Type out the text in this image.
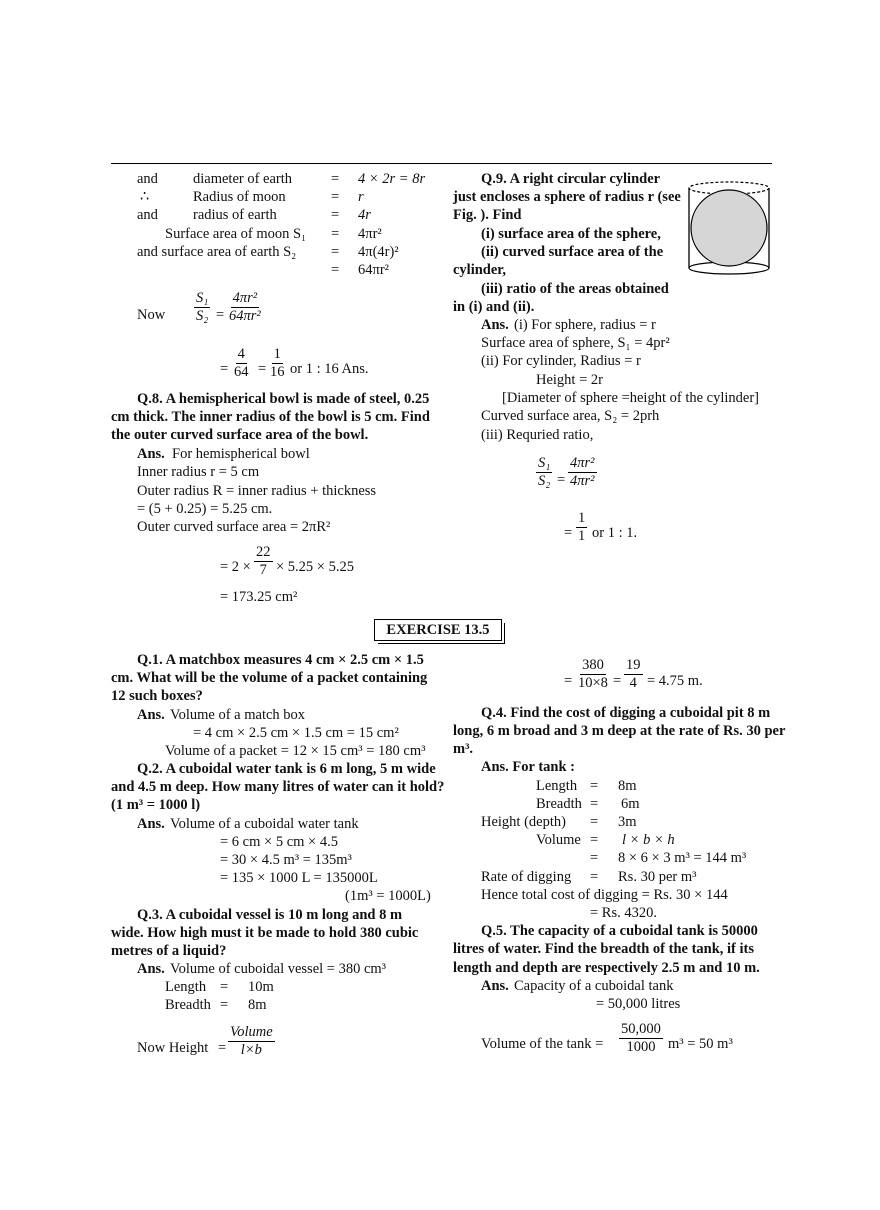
and diameter of earth	= 4 × 2r = 8r
∴	Radius of moon	= r
and radius of earth	= 4r
Surface area of moon S₁ = 4πr²
and surface area of earth S₂ = 4π(4r)²
= 64πr²
Now $\frac{\text{S₁}}{\text{S₂}} = \frac{\text{4πr²}}{\text{64πr²}}$
= $\frac{4}{64} = \frac{1}{16}$ or 1 : 16 Ans.
Q.8. A hemispherical bowl is made of steel, 0.25
cm thick. The inner radius of the bowl is 5 cm. Find
the outer curved surface area of the bowl.
Ans. For hemispherical bowl
Inner radius r = 5 cm
Outer radius R = inner radius + thickness
= (5 + 0.25) = 5.25 cm.
Outer curved surface area = 2πR²
= $2 \times \frac{22}{7} \times 5.25 \times 5.25$
= 173.25 cm²
Q.9. A right circular cylinder
just encloses a sphere of radius r (see
Fig. ). Find
(i) surface area of the sphere,
(ii) curved surface area of the
cylinder,
(iii) ratio of the areas obtained
in (i) and (ii).
Ans. (i) For sphere, radius = r
Surface area of sphere, S₁ = 4pr²
(ii) For cylinder, Radius = r
Height = 2r
[Diameter of sphere =height of the cylinder]
Curved surface area, S₂ = 2prh
(iii) Requried ratio,
$\frac{\text{S₁}}{\text{S₂}} = \frac{\text{4πr²}}{\text{4πr²}}$
= $\frac{1}{1}$ or 1 : 1.
EXERCISE 13.5
Q.1. A matchbox measures 4 cm × 2.5 cm × 1.5
cm. What will be the volume of a packet containing
12 such boxes?
Ans. Volume of a match box
= 4 cm × 2.5 cm × 1.5 cm = 15 cm²
Volume of a packet = 12 × 15 cm³ = 180 cm³
Q.2. A cuboidal water tank is 6 m long, 5 m wide
and 4.5 m deep. How many litres of water can it hold?
(1 m³ = 1000 l)
Ans. Volume of a cuboidal water tank
= 6 cm × 5 cm × 4.5
= 30 × 4.5 m³ = 135m³
= 135 × 1000 L = 135000L
(1m³ = 1000L)
Q.3. A cuboidal vessel is 10 m long and 8 m
wide. How high must it be made to hold 380 cubic
metres of a liquid?
Ans. Volume of cuboidal vessel = 380 cm³
Length = 10m
Breadth = 8m
Now Height =
Volume
l×b
= $\frac{380}{10\times 8} = \frac{19}{4} = 4.75$ m.
Q.4. Find the cost of digging a cuboidal pit 8 m
long, 6 m broad and 3 m deep at the rate of Rs. 30 per
m³.
Ans. For tank :
Length = 8m
Breadth = 6m
Height (depth) = 3m
Volume = l × b × h
= 8 × 6 × 3 m³ = 144 m³
Rate of digging = Rs. 30 per m³
Hence total cost of digging = Rs. 30 × 144
= Rs. 4320.
Q.5. The capacity of a cuboidal tank is 50000
litres of water. Find the breadth of the tank, if its
length and depth are respectively 2.5 m and 10 m.
Ans. Capacity of a cuboidal tank
= 50,000 litres
Volume of the $\tan k = \frac{50,000}{1000} m^3 = 50$ m³
